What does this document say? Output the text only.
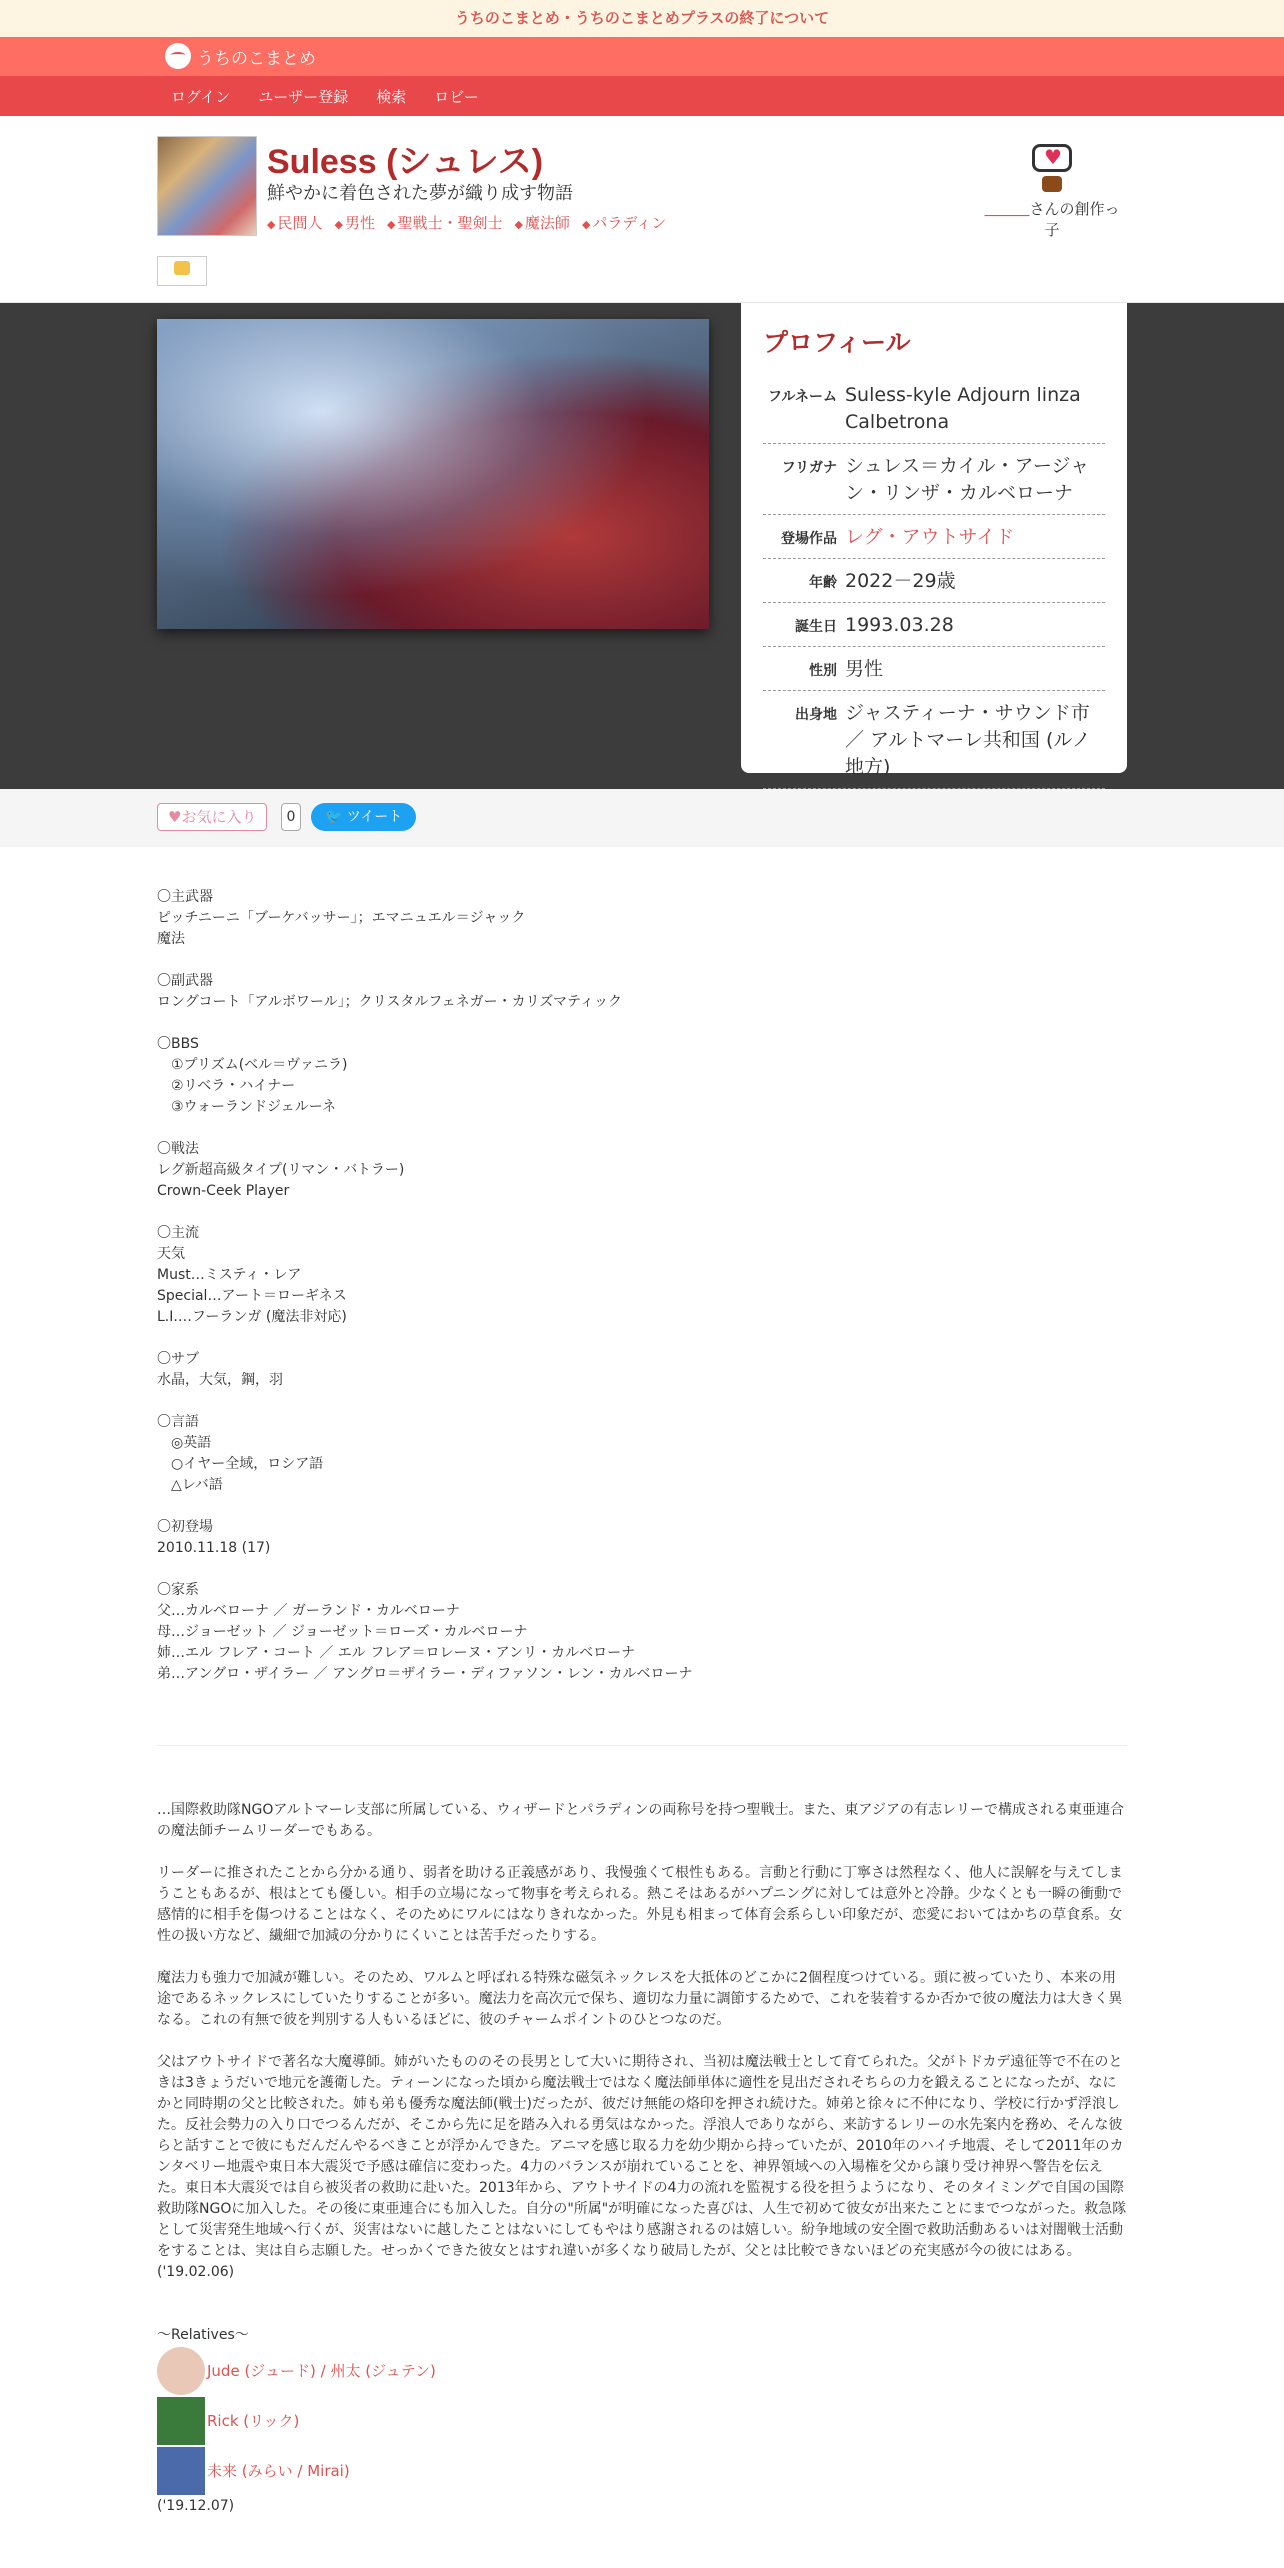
うちのこまとめ・うちのこまとめプラスの終了について
うちのこまとめ
ログイン	ユーザー登録	検索	ロビー
Suless (シュレス)
鮮やかに着色された夢が織り成す物語
◆ 民間人	◆ 男性	◆ 聖戦士・聖剣士	◆ 魔法師	◆ パラディン
♥
＿＿＿さんの創作っ子
プロフィール
フルネーム Suless-kyle Adjourn linza Calbetrona
フリガナ シュレス＝カイル・アージャン・リンザ・カルベローナ
登場作品 レグ・アウトサイド
年齢 2022－29歳
誕生日 1993.03.28
性別 男性
出身地 ジャスティーナ・サウンド市 ／ アルトマーレ共和国 (ルノ地方)
♥お気に入り	0	🐦 ツイート
〇主武器
ピッチニーニ「ブーケバッサー」；エマニュエル＝ジャック
魔法
〇副武器
ロングコート「アルボワール」；クリスタルフェネガー・カリズマティック
〇BBS
　①プリズム(ベル＝ヴァニラ)
　②リベラ・ハイナー
　③ウォーランドジェルーネ
〇戦法
レグ新超高級タイプ(リマン・バトラー)
Crown-Ceek Player
〇主流
天気
Must…ミスティ・レア
Special…アート＝ローギネス
L.I.…フーランガ (魔法非対応)
〇サブ
水晶，大気，鋼，羽
〇言語
　◎英語
　○イヤー全域，ロシア語
　△レバ語
〇初登場
2010.11.18 (17)
〇家系
父…カルベローナ ／ ガーランド・カルベローナ
母…ジョーゼット ／ ジョーゼット＝ローズ・カルベローナ
姉…エル フレア・コート ／ エル フレア＝ロレーヌ・アンリ・カルベローナ
弟…アングロ・ザイラー ／ アングロ＝ザイラー・ディファソン・レン・カルベローナ

…国際救助隊NGOアルトマーレ支部に所属している、ウィザードとパラディンの両称号を持つ聖戦士。また、東アジアの有志レリーで構成される東亜連合の魔法師チームリーダーでもある。

リーダーに推されたことから分かる通り、弱者を助ける正義感があり、我慢強くて根性もある。言動と行動に丁寧さは然程なく、他人に誤解を与えてしまうこともあるが、根はとても優しい。相手の立場になって物事を考えられる。熱こそはあるがハプニングに対しては意外と冷静。少なくとも一瞬の衝動で感情的に相手を傷つけることはなく、そのためにワルにはなりきれなかった。外見も相まって体育会系らしい印象だが、恋愛においてはかちの草食系。女性の扱い方など、繊細で加減の分かりにくいことは苦手だったりする。

魔法力も強力で加減が難しい。そのため、ワルムと呼ばれる特殊な磁気ネックレスを大抵体のどこかに2個程度つけている。頭に被っていたり、本来の用途であるネックレスにしていたりすることが多い。魔法力を高次元で保ち、適切な力量に調節するためで、これを装着するか否かで彼の魔法力は大きく異なる。これの有無で彼を判別する人もいるほどに、彼のチャームポイントのひとつなのだ。

父はアウトサイドで著名な大魔導師。姉がいたもののその長男として大いに期待され、当初は魔法戦士として育てられた。父がトドカデ遠征等で不在のときは3きょうだいで地元を護衛した。ティーンになった頃から魔法戦士ではなく魔法師単体に適性を見出だされそちらの力を鍛えることになったが、なにかと同時期の父と比較された。姉も弟も優秀な魔法師(戦士)だったが、彼だけ無能の烙印を押され続けた。姉弟と徐々に不仲になり、学校に行かず浮浪した。反社会勢力の入り口でつるんだが、そこから先に足を踏み入れる勇気はなかった。浮浪人でありながら、来訪するレリーの水先案内を務め、そんな彼らと話すことで彼にもだんだんやるべきことが浮かんできた。アニマを感じ取る力を幼少期から持っていたが、2010年のハイチ地震、そして2011年のカンタベリー地震や東日本大震災で予感は確信に変わった。4力のバランスが崩れていることを、神界領域への入場権を父から譲り受け神界へ警告を伝えた。東日本大震災では自ら被災者の救助に赴いた。2013年から、アウトサイドの4力の流れを監視する役を担うようになり、そのタイミングで自国の国際救助隊NGOに加入した。その後に東亜連合にも加入した。自分の"所属"が明確になった喜びは、人生で初めて彼女が出来たことにまでつながった。救急隊として災害発生地域へ行くが、災害はないに越したことはないにしてもやはり感謝されるのは嬉しい。紛争地域の安全圏で救助活動あるいは対闇戦士活動をすることは、実は自ら志願した。せっかくできた彼女とはすれ違いが多くなり破局したが、父とは比較できないほどの充実感が今の彼にはある。
('19.02.06)

～Relatives～
Jude (ジュード) / 州太 (ジュテン)
Rick (リック)
未来 (みらい / Mirai)
('19.12.07)
